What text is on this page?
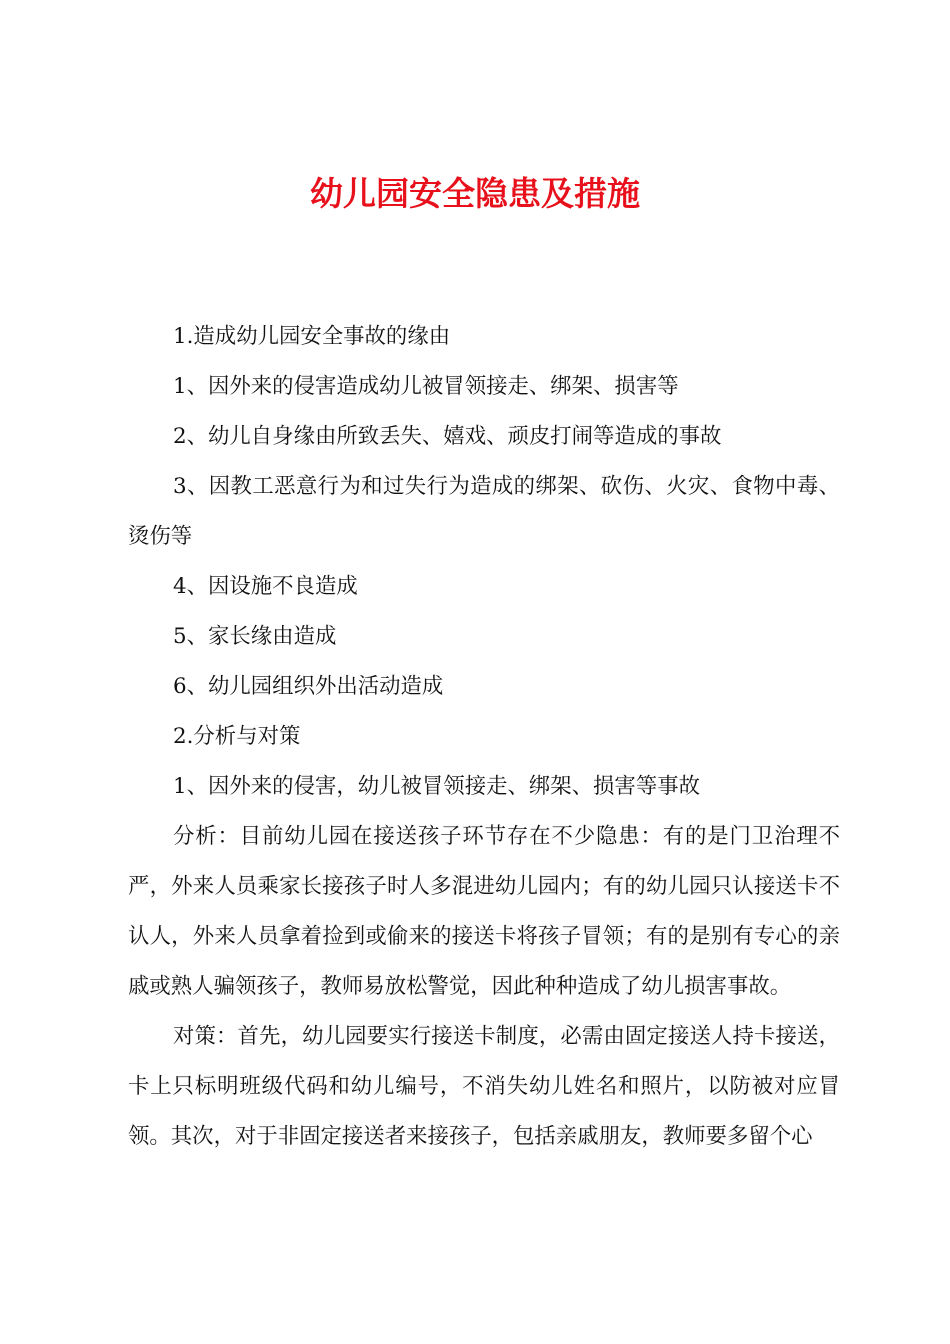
幼儿园安全隐患及措施

1.造成幼儿园安全事故的缘由

1、因外来的侵害造成幼儿被冒领接走、绑架、损害等

2、幼儿自身缘由所致丢失、嬉戏、顽皮打闹等造成的事故

3、因教工恶意行为和过失行为造成的绑架、砍伤、火灾、食物中毒、烫伤等

4、因设施不良造成

5、家长缘由造成

6、幼儿园组织外出活动造成

2.分析与对策

1、因外来的侵害，幼儿被冒领接走、绑架、损害等事故

分析：目前幼儿园在接送孩子环节存在不少隐患：有的是门卫治理不严，外来人员乘家长接孩子时人多混进幼儿园内；有的幼儿园只认接送卡不认人，外来人员拿着捡到或偷来的接送卡将孩子冒领；有的是别有专心的亲戚或熟人骗领孩子，教师易放松警觉，因此种种造成了幼儿损害事故。

对策：首先，幼儿园要实行接送卡制度，必需由固定接送人持卡接送，卡上只标明班级代码和幼儿编号，不消失幼儿姓名和照片，以防被对应冒领。其次，对于非固定接送者来接孩子，包括亲戚朋友，教师要多留个心
